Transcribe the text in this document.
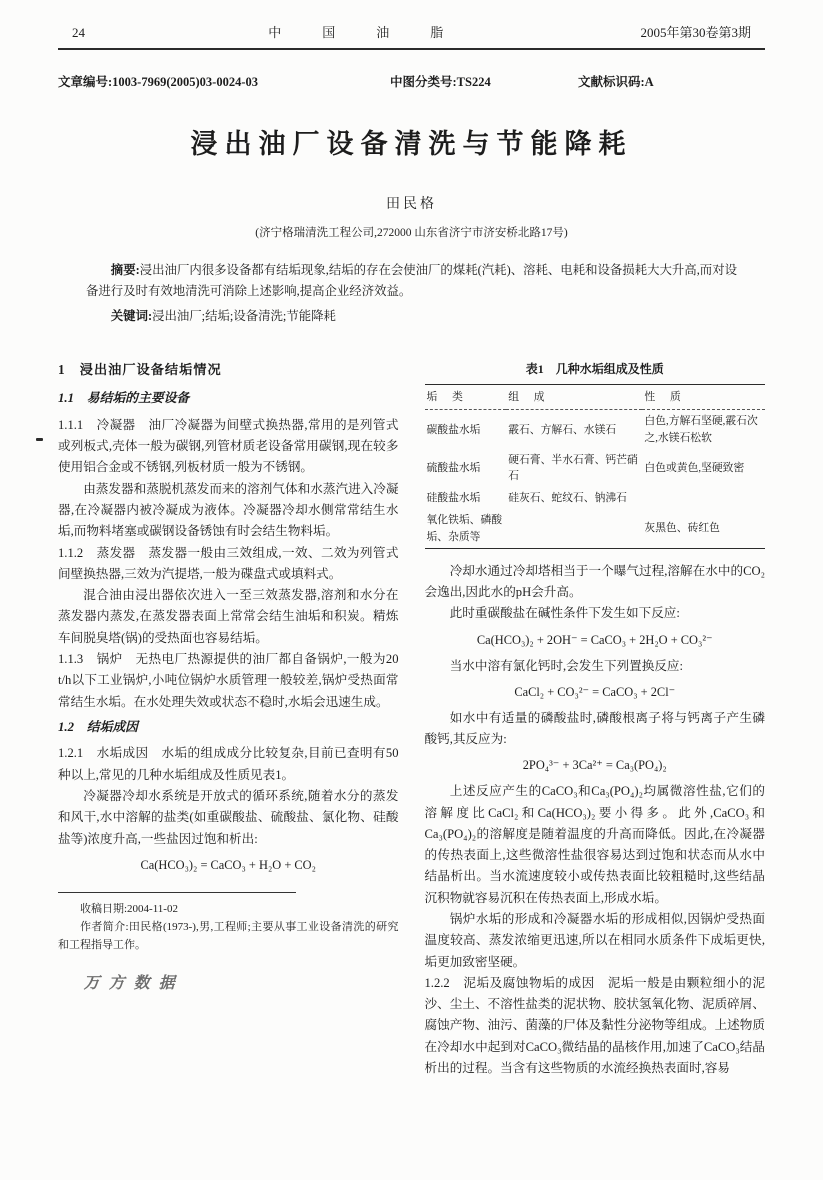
24	中　国　油　脂	2005年第30卷第3期
文章编号:1003-7969(2005)03-0024-03	中图分类号:TS224	文献标识码:A
浸出油厂设备清洗与节能降耗
田民格
(济宁格瑞清洗工程公司,272000 山东省济宁市济安桥北路17号)

摘要:浸出油厂内很多设备都有结垢现象,结垢的存在会使油厂的煤耗(汽耗)、溶耗、电耗和设备损耗大大升高,而对设备进行及时有效地清洗可消除上述影响,提高企业经济效益。

关键词:浸出油厂;结垢;设备清洗;节能降耗

1　浸出油厂设备结垢情况
1.1　易结垢的主要设备

1.1.1　冷凝器　油厂冷凝器为间壁式换热器,常用的是列管式或列板式,壳体一般为碳钢,列管材质老设备常用碳钢,现在较多使用铝合金或不锈钢,列板材质一般为不锈钢。

由蒸发器和蒸脱机蒸发而来的溶剂气体和水蒸汽进入冷凝器,在冷凝器内被冷凝成为液体。冷凝器冷却水侧常常结生水垢,而物料堵塞或碳钢设备锈蚀有时会结生物料垢。

1.1.2　蒸发器　蒸发器一般由三效组成,一效、二效为列管式间壁换热器,三效为汽提塔,一般为碟盘式或填料式。

混合油由浸出器依次进入一至三效蒸发器,溶剂和水分在蒸发器内蒸发,在蒸发器表面上常常会结生油垢和积炭。精炼车间脱臭塔(锅)的受热面也容易结垢。

1.1.3　锅炉　无热电厂热源提供的油厂都自备锅炉,一般为20 t/h以下工业锅炉,小吨位锅炉水质管理一般较差,锅炉受热面常常结生水垢。在水处理失效或状态不稳时,水垢会迅速生成。

1.2　结垢成因

1.2.1　水垢成因　水垢的组成成分比较复杂,目前已查明有50种以上,常见的几种水垢组成及性质见表1。

冷凝器冷却水系统是开放式的循环系统,随着水分的蒸发和风干,水中溶解的盐类(如重碳酸盐、硫酸盐、氯化物、硅酸盐等)浓度升高,一些盐因过饱和析出:

Ca(HCO₃)₂ = CaCO₃ + H₂O + CO₂

收稿日期:2004-11-02

作者简介:田民格(1973-),男,工程师;主要从事工业设备清洗的研究和工程指导工作。

万方数据
表1　几种水垢组成及性质
垢　类	组　成	性　质
碳酸盐水垢	霰石、方解石、水镁石	白色,方解石坚硬,霰石次之,水镁石松软
硫酸盐水垢	硬石膏、半水石膏、钙芒硝石	白色或黄色,坚硬致密
硅酸盐水垢	硅灰石、蛇纹石、钠沸石	
氧化铁垢、磷酸垢、杂质等		灰黑色、砖红色

冷却水通过冷却塔相当于一个曝气过程,溶解在水中的CO₂会逸出,因此水的pH会升高。

此时重碳酸盐在碱性条件下发生如下反应:

Ca(HCO₃)₂ + 2OH⁻ = CaCO₃ + 2H₂O + CO₃²⁻

当水中溶有氯化钙时,会发生下列置换反应:

CaCl₂ + CO₃²⁻ = CaCO₃ + 2Cl⁻

如水中有适量的磷酸盐时,磷酸根离子将与钙离子产生磷酸钙,其反应为:

2PO₄³⁻ + 3Ca²⁺ = Ca₃(PO₄)₂

上述反应产生的CaCO₃和Ca₃(PO₄)₂均属微溶性盐,它们的溶解度比CaCl₂和Ca(HCO₃)₂要小得多。此外,CaCO₃和Ca₃(PO₄)₂的溶解度是随着温度的升高而降低。因此,在冷凝器的传热表面上,这些微溶性盐很容易达到过饱和状态而从水中结晶析出。当水流速度较小或传热表面比较粗糙时,这些结晶沉积物就容易沉积在传热表面上,形成水垢。

锅炉水垢的形成和冷凝器水垢的形成相似,因锅炉受热面温度较高、蒸发浓缩更迅速,所以在相同水质条件下成垢更快,垢更加致密坚硬。

1.2.2　泥垢及腐蚀物垢的成因　泥垢一般是由颗粒细小的泥沙、尘土、不溶性盐类的泥状物、胶状氢氧化物、泥质碎屑、腐蚀产物、油污、菌藻的尸体及黏性分泌物等组成。上述物质在冷却水中起到对CaCO₃微结晶的晶核作用,加速了CaCO₃结晶析出的过程。当含有这些物质的水流经换热表面时,容易
